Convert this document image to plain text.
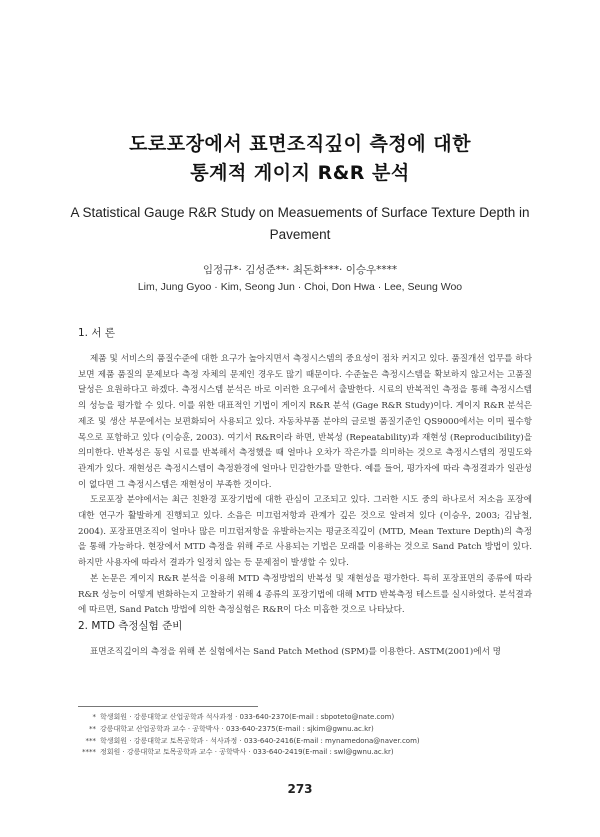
도로포장에서 표면조직깊이 측정에 대한
통계적 게이지 R&R 분석
A Statistical Gauge R&R Study on Measuements of Surface Texture Depth in Pavement
임정규*· 김성준**· 최돈화***· 이승우****
Lim, Jung Gyoo · Kim, Seong Jun · Choi, Don Hwa · Lee, Seung Woo
1. 서 론

제품 및 서비스의 품질수준에 대한 요구가 높아지면서 측정시스템의 중요성이 점차 커지고 있다. 품질개선 업무를 하다보면 제품 품질의 문제보다 측정 자체의 문제인 경우도 많기 때문이다. 수준높은 측정시스템을 확보하지 않고서는 고품질 달성은 요원하다고 하겠다. 측정시스템 분석은 바로 이러한 요구에서 출발한다. 시료의 반복적인 측정을 통해 측정시스템의 성능을 평가할 수 있다. 이를 위한 대표적인 기법이 게이지 R&R 분석 (Gage R&R Study)이다. 게이지 R&R 분석은 제조 및 생산 부문에서는 보편화되어 사용되고 있다. 자동차부품 분야의 글로벌 품질기준인 QS9000에서는 이미 필수항목으로 포함하고 있다 (이승훈, 2003). 여기서 R&R이라 하면, 반복성 (Repeatability)과 재현성 (Reproducibility)을 의미한다. 반복성은 동일 시료를 반복해서 측정했을 때 얼마나 오차가 작은가를 의미하는 것으로 측정시스템의 정밀도와 관계가 있다. 재현성은 측정시스템이 측정환경에 얼마나 민감한가를 말한다. 예를 들어, 평가자에 따라 측정결과가 일관성이 없다면 그 측정시스템은 재현성이 부족한 것이다.

도로포장 분야에서는 최근 친환경 포장기법에 대한 관심이 고조되고 있다. 그러한 시도 중의 하나로서 저소음 포장에 대한 연구가 활발하게 진행되고 있다. 소음은 미끄럼저항과 관계가 깊은 것으로 알려져 있다 (이승우, 2003; 김남철, 2004). 포장표면조직이 얼마나 많은 미끄럼저항을 유발하는지는 평균조직깊이 (MTD, Mean Texture Depth)의 측정을 통해 가능하다. 현장에서 MTD 측정을 위해 주로 사용되는 기법은 모래를 이용하는 것으로 Sand Patch 방법이 있다. 하지만 사용자에 따라서 결과가 일정치 않는 등 문제점이 발생할 수 있다.

본 논문은 게이지 R&R 분석을 이용해 MTD 측정방법의 반복성 및 재현성을 평가한다. 특히 포장표면의 종류에 따라 R&R 성능이 어떻게 변화하는지 고찰하기 위해 4 종류의 포장기법에 대해 MTD 반복측정 테스트를 실시하였다. 분석결과에 따르면, Sand Patch 방법에 의한 측정실험은 R&R이 다소 미흡한 것으로 나타났다.

2. MTD 측정실험 준비

표면조직깊이의 측정을 위해 본 실험에서는 Sand Patch Method (SPM)를 이용한다. ASTM(2001)에서 명

* 학생회원 · 강릉대학교 산업공학과 석사과정 · 033-640-2370(E-mail : sbpoteto@nate.com)
** 강릉대학교 산업공학과 교수 · 공학박사 · 033-640-2375(E-mail : sjkim@gwnu.ac.kr)
*** 학생회원 · 강릉대학교 토목공학과 · 석사과정 · 033-640-2416(E-mail : mynamedona@naver.com)
**** 정회원 · 강릉대학교 토목공학과 교수 · 공학박사 · 033-640-2419(E-mail : swl@gwnu.ac.kr)
273
